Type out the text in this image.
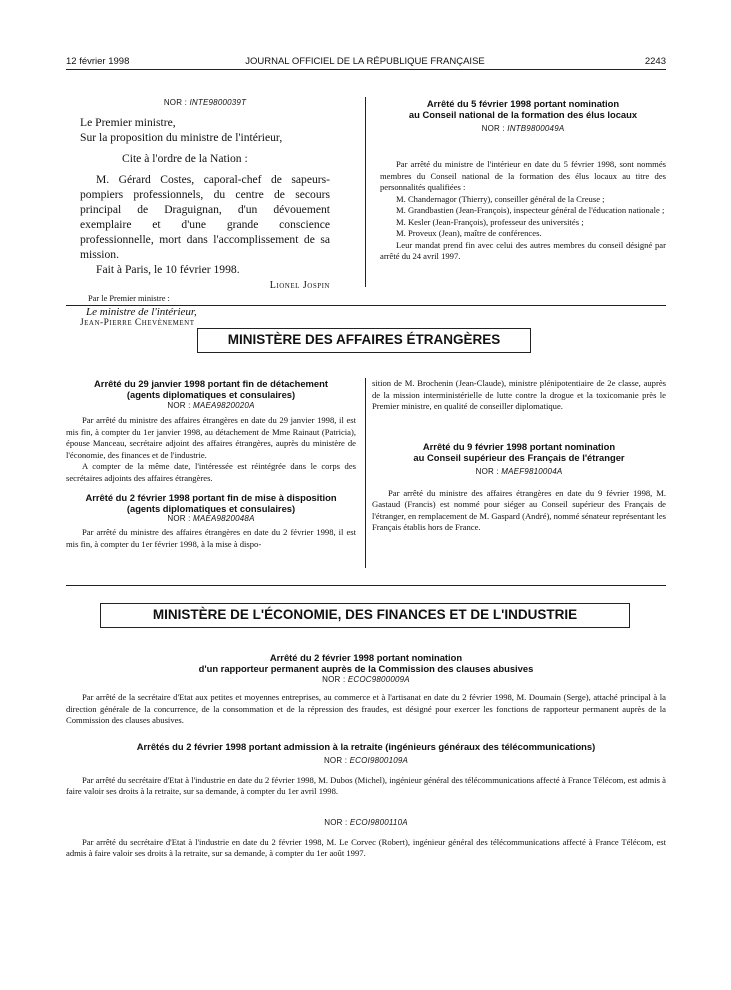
12 février 1998	JOURNAL OFFICIEL DE LA RÉPUBLIQUE FRANÇAISE	2243
NOR : INTE9800039T
Le Premier ministre,
Sur la proposition du ministre de l'intérieur,
Cite à l'ordre de la Nation :

M. Gérard Costes, caporal-chef de sapeurs-pompiers professionnels, du centre de secours principal de Draguignan, d'un dévouement exemplaire et d'une grande conscience professionnelle, mort dans l'accomplissement de sa mission.

Fait à Paris, le 10 février 1998.
Lionel Jospin
Par le Premier ministre :
Le ministre de l'intérieur,
Jean-Pierre Chevènement
Arrêté du 5 février 1998 portant nomination
au Conseil national de la formation des élus locaux
NOR : INTB9800049A

Par arrêté du ministre de l'intérieur en date du 5 février 1998, sont nommés membres du Conseil national de la formation des élus locaux au titre des personnalités qualifiées :

M. Chandernagor (Thierry), conseiller général de la Creuse ;

M. Grandbastien (Jean-François), inspecteur général de l'éducation nationale ;

M. Kesler (Jean-François), professeur des universités ;

M. Proveux (Jean), maître de conférences.

Leur mandat prend fin avec celui des autres membres du conseil désigné par arrêté du 24 avril 1997.

MINISTÈRE DES AFFAIRES ÉTRANGÈRES
Arrêté du 29 janvier 1998 portant fin de détachement
(agents diplomatiques et consulaires)
NOR : MAEA9820020A

Par arrêté du ministre des affaires étrangères en date du 29 janvier 1998, il est mis fin, à compter du 1er janvier 1998, au détachement de Mme Rainaut (Patricia), épouse Manceau, secrétaire adjoint des affaires étrangères, auprès du ministère de l'économie, des finances et de l'industrie.

A compter de la même date, l'intéressée est réintégrée dans le corps des secrétaires adjoints des affaires étrangères.

Arrêté du 2 février 1998 portant fin de mise à disposition
(agents diplomatiques et consulaires)
NOR : MAEA9820048A

Par arrêté du ministre des affaires étrangères en date du 2 février 1998, il est mis fin, à compter du 1er février 1998, à la mise à dispo-

sition de M. Brochenin (Jean-Claude), ministre plénipotentiaire de 2e classe, auprès de la mission interministérielle de lutte contre la drogue et la toxicomanie près le Premier ministre, en qualité de conseiller diplomatique.
Arrêté du 9 février 1998 portant nomination
au Conseil supérieur des Français de l'étranger
NOR : MAEF9810004A

Par arrêté du ministre des affaires étrangères en date du 9 février 1998, M. Gastaud (Francis) est nommé pour siéger au Conseil supérieur des Français de l'étranger, en remplacement de M. Gaspard (André), nommé sénateur représentant les Français établis hors de France.

MINISTÈRE DE L'ÉCONOMIE, DES FINANCES ET DE L'INDUSTRIE
Arrêté du 2 février 1998 portant nomination
d'un rapporteur permanent auprès de la Commission des clauses abusives
NOR : ECOC9800009A

Par arrêté de la secrétaire d'Etat aux petites et moyennes entreprises, au commerce et à l'artisanat en date du 2 février 1998, M. Doumain (Serge), attaché principal à la direction générale de la concurrence, de la consommation et de la répression des fraudes, est désigné pour exercer les fonctions de rapporteur permanent auprès de la Commission des clauses abusives.

Arrêtés du 2 février 1998 portant admission à la retraite (ingénieurs généraux des télécommunications)
NOR : ECOI9800109A

Par arrêté du secrétaire d'Etat à l'industrie en date du 2 février 1998, M. Dubos (Michel), ingénieur général des télécommunications affecté à France Télécom, est admis à faire valoir ses droits à la retraite, sur sa demande, à compter du 1er avril 1998.

NOR : ECOI9800110A

Par arrêté du secrétaire d'Etat à l'industrie en date du 2 février 1998, M. Le Corvec (Robert), ingénieur général des télécommunications affecté à France Télécom, est admis à faire valoir ses droits à la retraite, sur sa demande, à compter du 1er août 1997.
